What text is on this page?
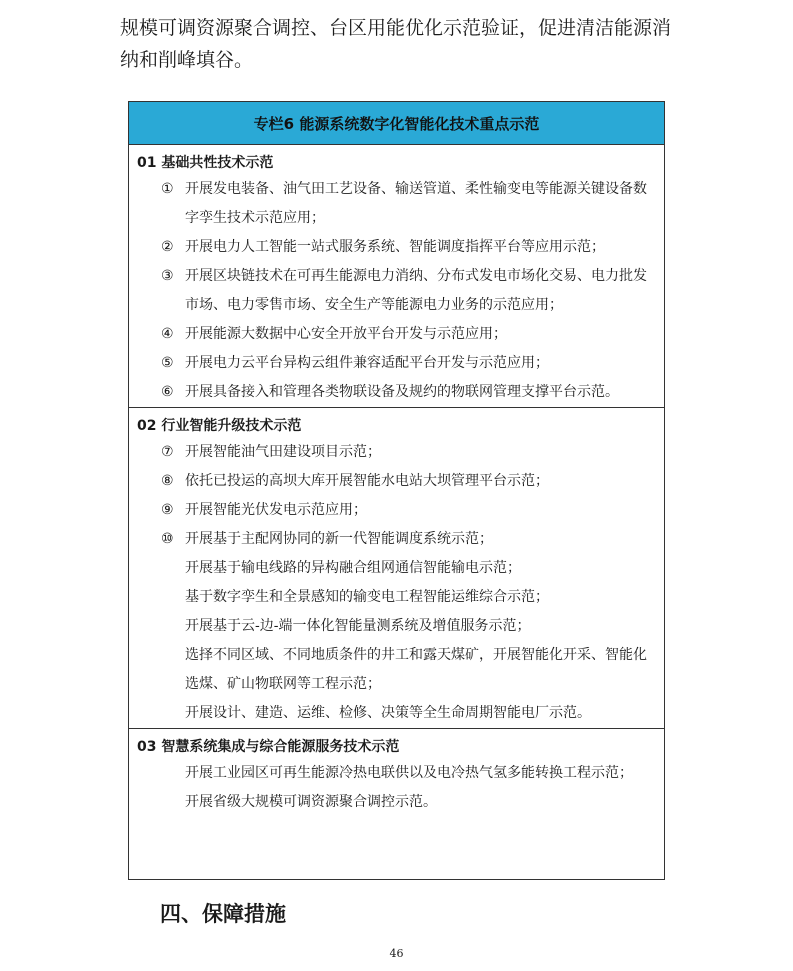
规模可调资源聚合调控、台区用能优化示范验证，促进清洁能源消纳和削峰填谷。

专栏6 能源系统数字化智能化技术重点示范
01 基础共性技术示范
① 开展发电装备、油气田工艺设备、输送管道、柔性输变电等能源关键设备数字孪生技术示范应用；
② 开展电力人工智能一站式服务系统、智能调度指挥平台等应用示范；
③ 开展区块链技术在可再生能源电力消纳、分布式发电市场化交易、电力批发市场、电力零售市场、安全生产等能源电力业务的示范应用；
④ 开展能源大数据中心安全开放平台开发与示范应用；
⑤ 开展电力云平台异构云组件兼容适配平台开发与示范应用；
⑥ 开展具备接入和管理各类物联设备及规约的物联网管理支撑平台示范。
02 行业智能升级技术示范
⑦ 开展智能油气田建设项目示范；
⑧ 依托已投运的高坝大库开展智能水电站大坝管理平台示范；
⑨ 开展智能光伏发电示范应用；
⑩ 开展基于主配网协同的新一代智能调度系统示范；
开展基于输电线路的异构融合组网通信智能输电示范；
基于数字孪生和全景感知的输变电工程智能运维综合示范；
开展基于云-边-端一体化智能量测系统及增值服务示范；
选择不同区域、不同地质条件的井工和露天煤矿，开展智能化开采、智能化选煤、矿山物联网等工程示范；
开展设计、建造、运维、检修、决策等全生命周期智能电厂示范。
03 智慧系统集成与综合能源服务技术示范
开展工业园区可再生能源冷热电联供以及电冷热气氢多能转换工程示范；
开展省级大规模可调资源聚合调控示范。
四、保障措施
46
